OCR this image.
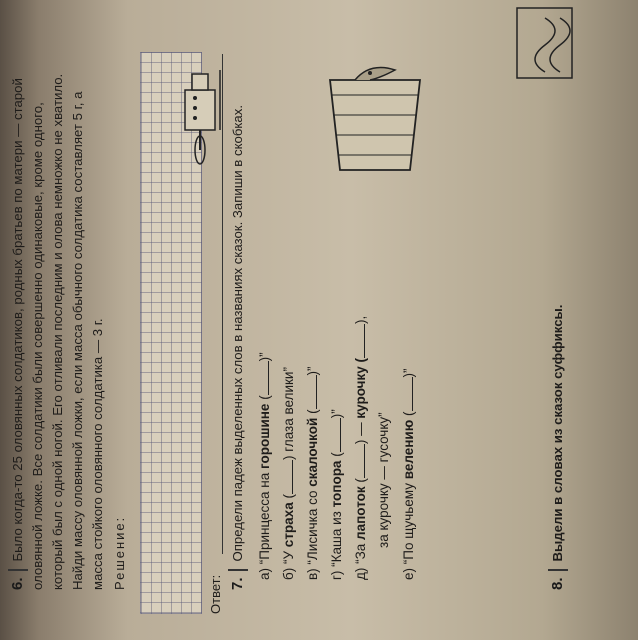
6.Было когда-то 25 оловянных солдатиков, родных братьев по матери — старой оловянной ложке. Все солдатики были совершенно одинаковые, кроме одного, который был с одной ногой. Его отливали последним и олова немножко не хватило. Найди массу оловянной ложки, если масса обычного солдатика составляет 5 г, а масса стойкого оловянного солдатика — 3 г. Решение:
Ответ: 7.Определи падеж выделенных слов в названиях сказок. Запиши в скобках. а) “Принцесса на горошине ()”
б) “У страха () глаза велики”
в) “Лисичка со скалочкой ()”
г) “Каша из топора ()”
д) “За лапоток () — курочку (),
за курочку — гусочку” е) “По щучьему велению ()”
8.Выдели в словах из сказок суффиксы.
